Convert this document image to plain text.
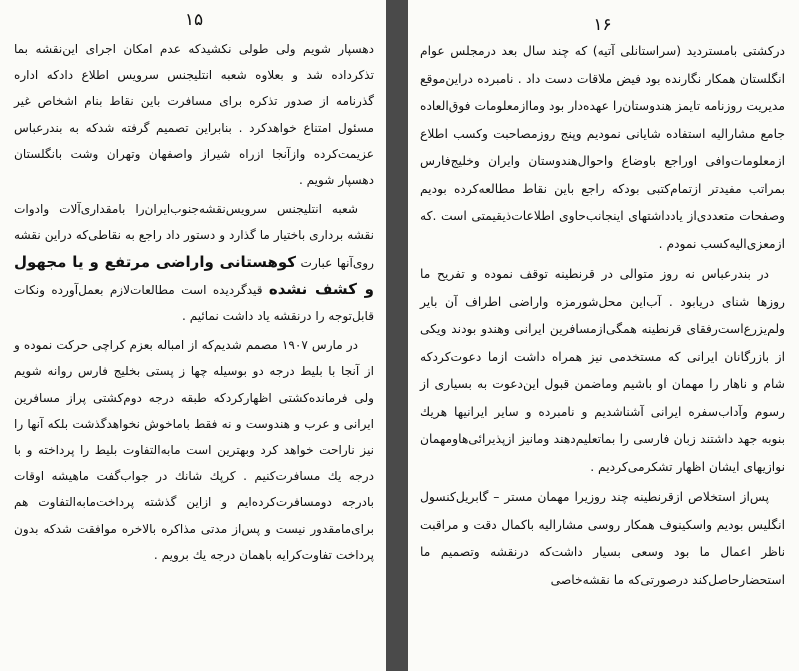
۱۵

دهسپار شویم ولی طولی نکشیدکه عدم امکان اجرای این‌نقشه بما تذکرداده شد و بعلاوه شعبه انتلیجنس سرویس اطلاع دادکه اداره گذرنامه از صدور تذکره برای مسافرت باین نقاط بنام اشخاص غیر مسئول امتناع خواهدکرد . بنابراین تصمیم گرفته شدکه به بندرعباس عزیمت‌کرده وازآنجا ازراه شیراز واصفهان وتهران وشت بانگلستان دهسپار شویم .

شعبه انتلیجنس سرویس‌نقشه‌جنوب‌ایران‌را بامقداری‌آلات وادوات نقشه برداری باختیار ما گذارد و دستور داد راجع به نقاطی‌که دراین نقشه روی‌آنها عبارت کوهستانی واراضی مرتفع و یا مجهول و کشف نشده قیدگردیده است مطالعات‌لازم بعمل‌آورده ونکات قابل‌توجه را درنقشه یاد داشت نمائیم .

در مارس ۱۹۰۷ مصمم شدیم‌که از امباله بعزم کراچی حرکت نموده و از آنجا با بلیط درجه دو بوسیله چها ز پستی بخلیج فارس روانه شویم ولی فرمانده‌کشتی اظهارکردکه طبقه درجه دوم‌کشتی پراز مسافرین ایرانی و عرب و هندوست و نه فقط باماخوش نخواهدگذشت بلکه آنها را نیز ناراحت خواهد کرد وبهترین است مابه‌التفاوت بلیط را پرداخته و با درجه یك مسافرت‌کنیم . کرپك شانك در جواب‌گفت ماهیشه اوقات بادرجه دومسافرت‌کرده‌ایم و ازاین گذشته پرداخت‌مابه‌التفاوت هم برای‌مامقدور نیست و پس‌از مدتی مذاکره بالاخره موافقت شدکه بدون پرداخت تفاوت‌کرایه باهمان درجه یك برویم .

۱۶

درکشتی بامستردید (سراستانلی آتیه) که چند سال بعد درمجلس عوام انگلستان همکار نگارنده بود فیض ملاقات دست داد . نامبرده دراین‌موقع مدیریت روزنامه تایمز هندوستان‌را عهده‌دار بود وماازمعلومات فوق‌العاده جامع مشارالیه استفاده شایانی نمودیم وپنج روزمصاحبت وکسب اطلاع ازمعلومات‌وافی اوراجع باوضاع واحوال‌هندوستان وایران وخلیج‌فارس بمراتب مفیدتر ازتمام‌کتبی بودکه راجع باین نقاط مطالعه‌کرده بودیم وصفحات متعددی‌از یادداشتهای اینجانب‌حاوی اطلاعات‌ذیقیمتی است .که ازمعزی‌الیه‌کسب نمودم .

در بندرعباس نه روز متوالی در قرنطینه توقف نموده و تفریح ما روزها شنای دریابود . آب‌این محل‌شورمزه واراضی اطراف آن بایر ولم‌یزرع‌است‌رفقای قرنطینه همگی‌ازمسافرین ایرانی وهندو بودند ویکی از بازرگانان ایرانی که مستخدمی نیز همراه داشت ازما دعوت‌کردکه شام و ناهار را مهمان او باشیم وماضمن قبول این‌دعوت به بسیاری از رسوم وآداب‌سفره ایرانی آشناشدیم و نامبرده و سایر ایرانیها هریك بنوبه جهد داشتند زبان فارسی را بماتعلیم‌دهند ومانیز ازپذیرائی‌هاومهمان نوازیهای ایشان اظهار تشکرمی‌کردیم .

پس‌از استخلاص ازقرنطینه چند روزیرا مهمان مستر – گابریل‌کنسول انگلیس بودیم واسکینوف همکار روسی مشارالیه باکمال دقت و مراقبت ناظر اعمال ما بود وسعی بسیار داشت‌که درنقشه وتصمیم ما استحضارحاصل‌کند درصورتی‌که ما نقشه‌خاصی
